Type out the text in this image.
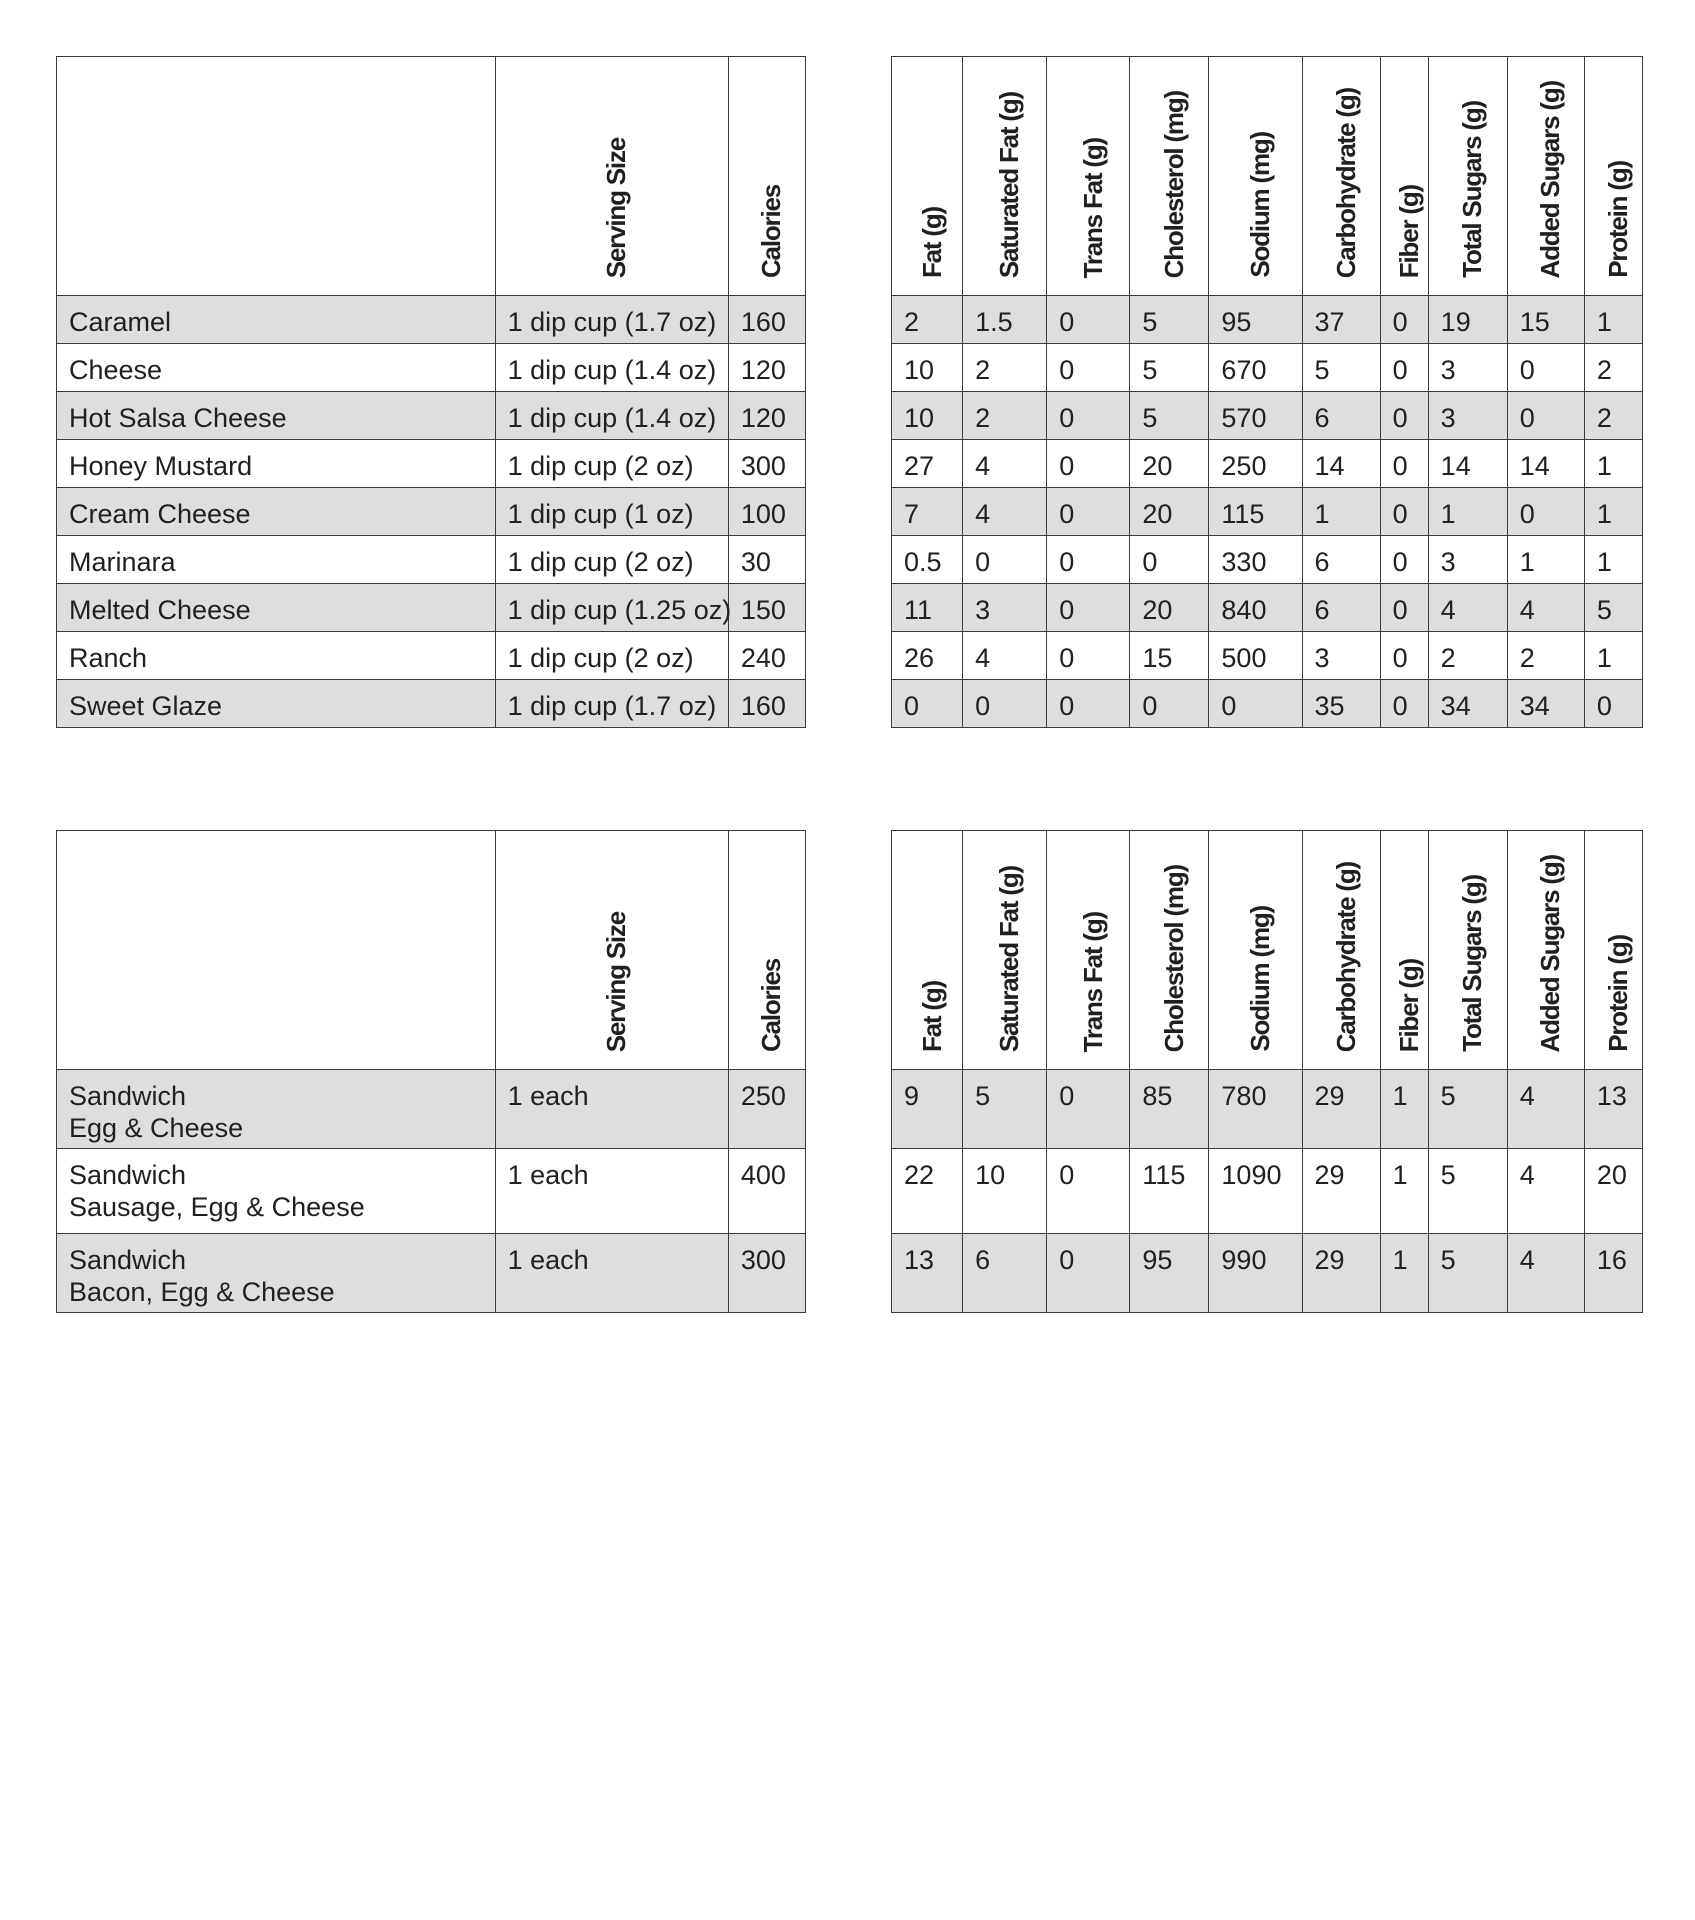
	Serving Size	Calories

Caramel	1 dip cup (1.7 oz)	160

Cheese	1 dip cup (1.4 oz)	120

Hot Salsa Cheese	1 dip cup (1.4 oz)	120

Honey Mustard	1 dip cup (2 oz)	300

Cream Cheese	1 dip cup (1 oz)	100

Marinara	1 dip cup (2 oz)	30

Melted Cheese	1 dip cup (1.25 oz)	150

Ranch	1 dip cup (2 oz)	240

Sweet Glaze	1 dip cup (1.7 oz)	160
Fat (g)	Saturated Fat (g)	Trans Fat (g)	Cholesterol (mg)	Sodium (mg)	Carbohydrate (g)	Fiber (g)	Total Sugars (g)	Added Sugars (g)	Protein (g)

2	1.5	0	5	95	37	0	19	15	1

10	2	0	5	670	5	0	3	0	2

10	2	0	5	570	6	0	3	0	2

27	4	0	20	250	14	0	14	14	1

7	4	0	20	115	1	0	1	0	1

0.5	0	0	0	330	6	0	3	1	1

11	3	0	20	840	6	0	4	4	5

26	4	0	15	500	3	0	2	2	1

0	0	0	0	0	35	0	34	34	0
	Serving Size	Calories

Sandwich
Egg & Cheese	1 each	250

Sandwich
Sausage, Egg & Cheese	1 each	400

Sandwich
Bacon, Egg & Cheese	1 each	300
Fat (g)	Saturated Fat (g)	Trans Fat (g)	Cholesterol (mg)	Sodium (mg)	Carbohydrate (g)	Fiber (g)	Total Sugars (g)	Added Sugars (g)	Protein (g)

9	5	0	85	780	29	1	5	4	13

22	10	0	115	1090	29	1	5	4	20

13	6	0	95	990	29	1	5	4	16
